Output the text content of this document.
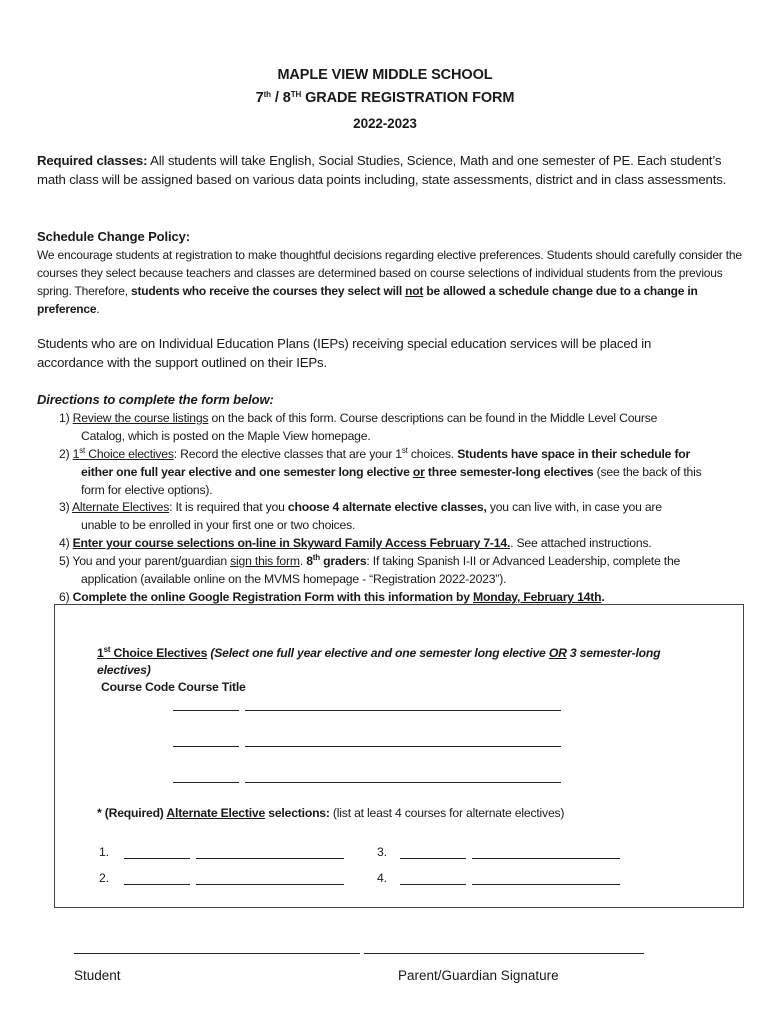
MAPLE VIEW MIDDLE SCHOOL
7th / 8TH GRADE REGISTRATION FORM
2022-2023
Required classes: All students will take English, Social Studies, Science, Math and one semester of PE. Each student’s math class will be assigned based on various data points including, state assessments, district and in class assessments.
Schedule Change Policy:
We encourage students at registration to make thoughtful decisions regarding elective preferences. Students should carefully consider the courses they select because teachers and classes are determined based on course selections of individual students from the previous spring. Therefore, students who receive the courses they select will not be allowed a schedule change due to a change in preference.
Students who are on Individual Education Plans (IEPs) receiving special education services will be placed in accordance with the support outlined on their IEPs.
Directions to complete the form below:
1) Review the course listings on the back of this form. Course descriptions can be found in the Middle Level Course
Catalog, which is posted on the Maple View homepage.
2) 1st Choice electives: Record the elective classes that are your 1st choices. Students have space in their schedule for
either one full year elective and one semester long elective or three semester-long electives (see the back of this
form for elective options).
3) Alternate Electives: It is required that you choose 4 alternate elective classes, you can live with, in case you are
unable to be enrolled in your first one or two choices.
4) Enter your course selections on-line in Skyward Family Access February 7-14.. See attached instructions.
5) You and your parent/guardian sign this form. 8th graders: If taking Spanish I-II or Advanced Leadership, complete the
application (available online on the MVMS homepage - “Registration 2022-2023”).
6) Complete the online Google Registration Form with this information by Monday, February 14th.
1st Choice Electives (Select one full year elective and one semester long elective OR 3 semester-long
electives)
Course Code Course Title

* (Required) Alternate Elective selections: (list at least 4 courses for alternate electives)
1.
2.
3.
4.
Student	Parent/Guardian Signature
